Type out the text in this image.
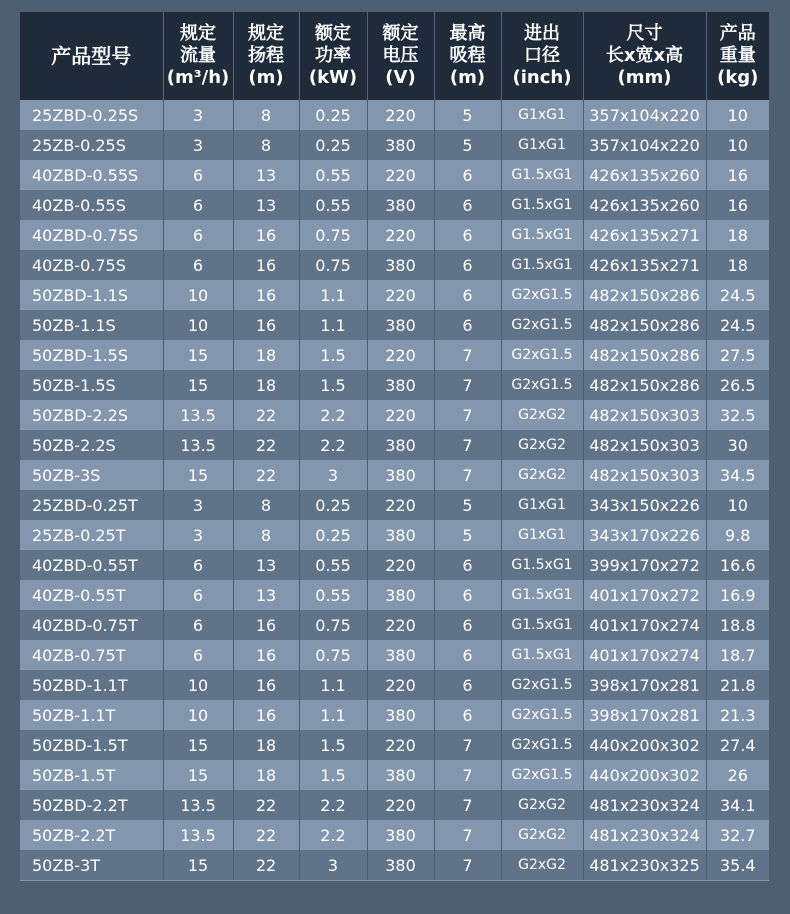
产品型号	规定
流量
(m³/h)	规定
扬程
(m)	额定
功率
(kW)	额定
电压
(V)	最高
吸程
(m)	进出
口径
(inch)	尺寸
长x宽x高
(mm)	产品
重量
(kg)

25ZBD-0.25S	3	8	0.25	220	5	G1xG1	357x104x220	10
25ZB-0.25S	3	8	0.25	380	5	G1xG1	357x104x220	10
40ZBD-0.55S	6	13	0.55	220	6	G1.5xG1	426x135x260	16
40ZB-0.55S	6	13	0.55	380	6	G1.5xG1	426x135x260	16
40ZBD-0.75S	6	16	0.75	220	6	G1.5xG1	426x135x271	18
40ZB-0.75S	6	16	0.75	380	6	G1.5xG1	426x135x271	18
50ZBD-1.1S	10	16	1.1	220	6	G2xG1.5	482x150x286	24.5
50ZB-1.1S	10	16	1.1	380	6	G2xG1.5	482x150x286	24.5
50ZBD-1.5S	15	18	1.5	220	7	G2xG1.5	482x150x286	27.5
50ZB-1.5S	15	18	1.5	380	7	G2xG1.5	482x150x286	26.5
50ZBD-2.2S	13.5	22	2.2	220	7	G2xG2	482x150x303	32.5
50ZB-2.2S	13.5	22	2.2	380	7	G2xG2	482x150x303	30
50ZB-3S	15	22	3	380	7	G2xG2	482x150x303	34.5
25ZBD-0.25T	3	8	0.25	220	5	G1xG1	343x150x226	10
25ZB-0.25T	3	8	0.25	380	5	G1xG1	343x170x226	9.8
40ZBD-0.55T	6	13	0.55	220	6	G1.5xG1	399x170x272	16.6
40ZB-0.55T	6	13	0.55	380	6	G1.5xG1	401x170x272	16.9
40ZBD-0.75T	6	16	0.75	220	6	G1.5xG1	401x170x274	18.8
40ZB-0.75T	6	16	0.75	380	6	G1.5xG1	401x170x274	18.7
50ZBD-1.1T	10	16	1.1	220	6	G2xG1.5	398x170x281	21.8
50ZB-1.1T	10	16	1.1	380	6	G2xG1.5	398x170x281	21.3
50ZBD-1.5T	15	18	1.5	220	7	G2xG1.5	440x200x302	27.4
50ZB-1.5T	15	18	1.5	380	7	G2xG1.5	440x200x302	26
50ZBD-2.2T	13.5	22	2.2	220	7	G2xG2	481x230x324	34.1
50ZB-2.2T	13.5	22	2.2	380	7	G2xG2	481x230x324	32.7
50ZB-3T	15	22	3	380	7	G2xG2	481x230x325	35.4
